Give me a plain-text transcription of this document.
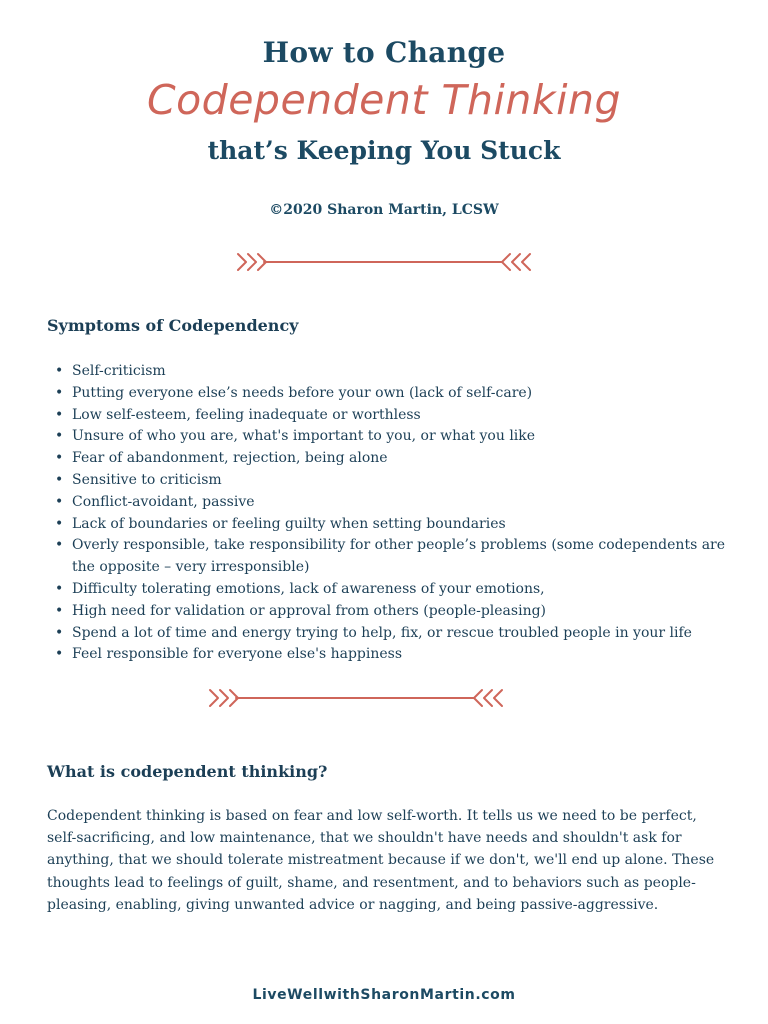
How to Change
Codependent Thinking
that’s Keeping You Stuck
©2020 Sharon Martin, LCSW
Symptoms of Codependency
• Self-criticism
• Putting everyone else’s needs before your own (lack of self-care)
• Low self-esteem, feeling inadequate or worthless
• Unsure of who you are, what's important to you, or what you like
• Fear of abandonment, rejection, being alone
• Sensitive to criticism
• Conflict-avoidant, passive
• Lack of boundaries or feeling guilty when setting boundaries
• Overly responsible, take responsibility for other people’s problems (some codependents are the opposite – very irresponsible)
• Difficulty tolerating emotions, lack of awareness of your emotions,
• High need for validation or approval from others (people-pleasing)
• Spend a lot of time and energy trying to help, fix, or rescue troubled people in your life
• Feel responsible for everyone else's happiness
What is codependent thinking?

Codependent thinking is based on fear and low self-worth. It tells us we need to be perfect, self-sacrificing, and low maintenance, that we shouldn't have needs and shouldn't ask for anything, that we should tolerate mistreatment because if we don't, we'll end up alone. These thoughts lead to feelings of guilt, shame, and resentment, and to behaviors such as people-pleasing, enabling, giving unwanted advice or nagging, and being passive-aggressive.

LiveWellwithSharonMartin.com
